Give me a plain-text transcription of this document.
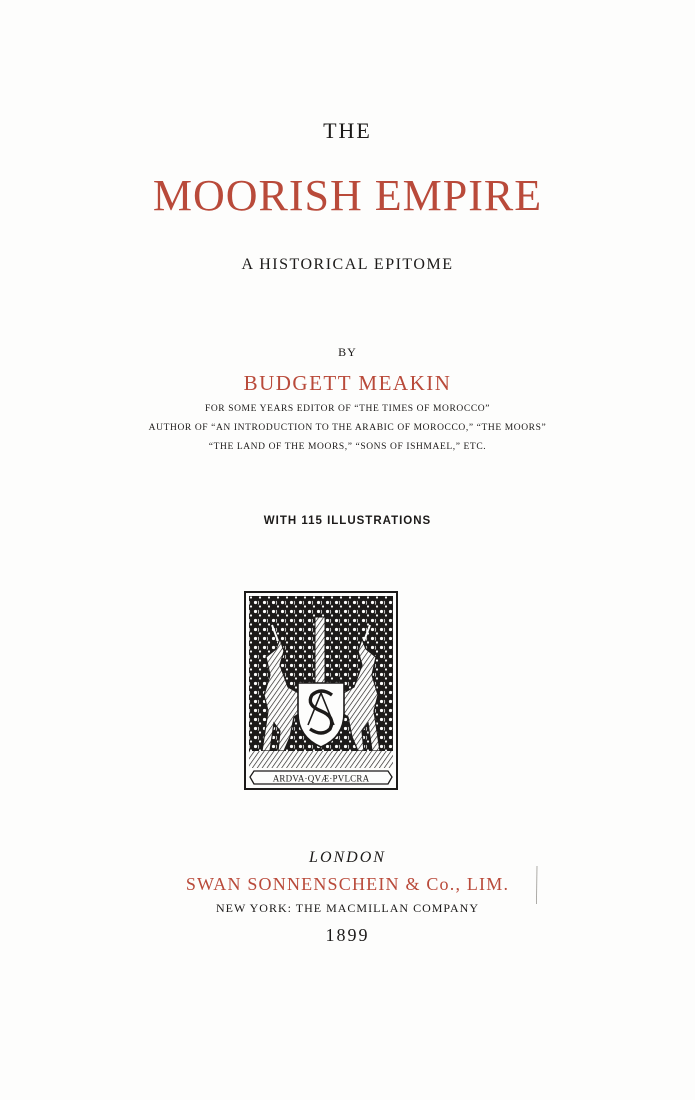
THE
MOORISH EMPIRE
A HISTORICAL EPITOME
BY
BUDGETT MEAKIN
FOR SOME YEARS EDITOR OF “THE TIMES OF MOROCCO”
AUTHOR OF “AN INTRODUCTION TO THE ARABIC OF MOROCCO,” “THE MOORS”
“THE LAND OF THE MOORS,” “SONS OF ISHMAEL,” ETC.
WITH 115 ILLUSTRATIONS
ARDVA·QVÆ·PVLCRA
LONDON
SWAN SONNENSCHEIN & Co., LIM.
NEW YORK: THE MACMILLAN COMPANY
1899
